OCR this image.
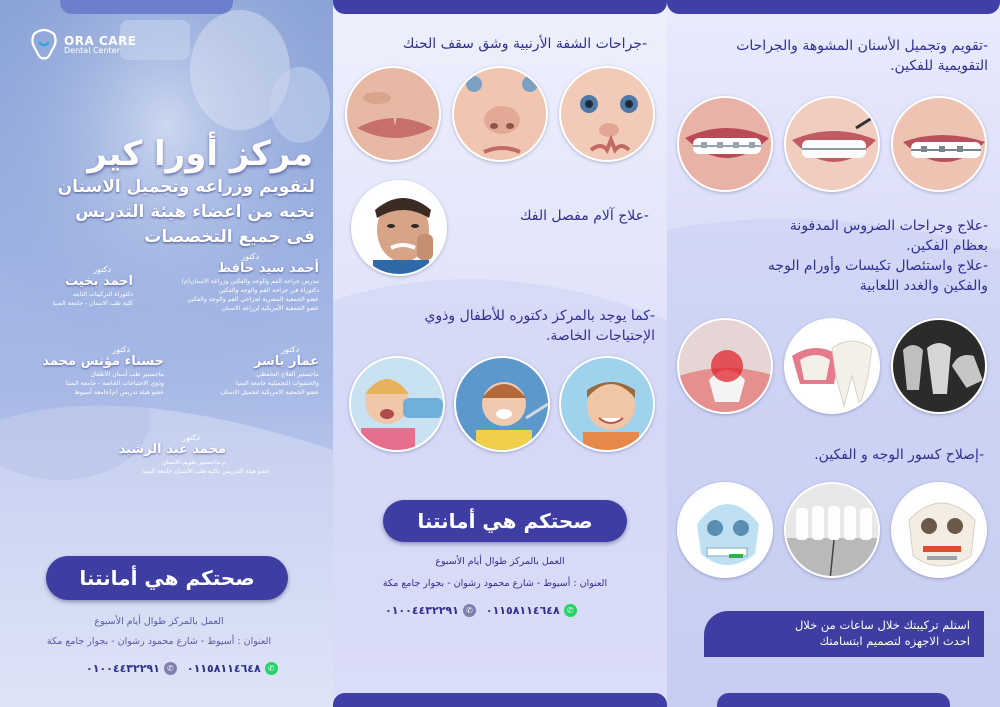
ORA CARE
Dental Center
مركز أورا كير
لتقويم وزراعه وتجميل الاسنان
نخبه من اعضاء هيئة التدريس
فى جميع التخصصات
دكتور
أحمد سيد حافظ
مدرس جراحة الفم والوجه والفكين وزراعة الاسنان(م)
دكتوراة في جراحة الفم والوجه والفكين
عضو الجمعية المصرية لجراحي الفم والوجه والفكين
عضو الجمعية الأمريكية لزراعة الاسنان
دكتور
احمد بخيت
دكتوراة التركيبات الثابته
كلية طب الاسنان - جامعة المنيا
دكتور
حسناء مؤنس محمد
ماجستير طب أسنان الأطفال
وذوي الاحتياجات الخاصة - جامعة المنيا
عضو هيئة تدريس (م)جامعة أسيوط
دكتور
عمار ياسر
ماجستير العلاج التحفظي
والحشوات التجميلية جامعة المنيا
عضو الجمعية الامريكية لتجميل الاسنان
دكتور
محمد عبد الرشيد
م.ماجستير تقويم الاسنان
عضو هيئة التدريس بكلية طب الأسنان جامعة المنيا
صحتكم هي أمانتنا
العمل بالمركز طوال أيام الأسبوع
العنوان : أسيوط - شارع محمود رشوان - بجوار جامع مكة
٠١٠٠٤٤٣٢٢٩١ ✆ ٠١١٥٨١١٤٦٤٨ ✆
-جراحات الشفة الأرنبية وشق سقف الحنك
-علاج آلام مفصل الفك
-كما يوجد بالمركز دكتوره للأطفال وذوي
الإحتياجات الخاصة.
صحتكم هي أمانتنا
العمل بالمركز طوال أيام الأسبوع
العنوان : أسيوط - شارع محمود رشوان - بجوار جامع مكة
٠١٠٠٤٤٣٢٢٩١ ✆ ٠١١٥٨١١٤٦٤٨ ✆
-تقويم وتجميل الأسنان المشوهة والجراحات
التقويمية للفكين.
-علاج وجراحات الضروس المدفونة
بعظام الفكين.
-علاج واستئصال تكيسات وأورام الوجه
والفكين والغدد اللعابية
-إصلاح كسور الوجه و الفكين.
استلم تركيبتك خلال ساعات من خلال
احدث الاجهزه لتصميم ابتسامتك
